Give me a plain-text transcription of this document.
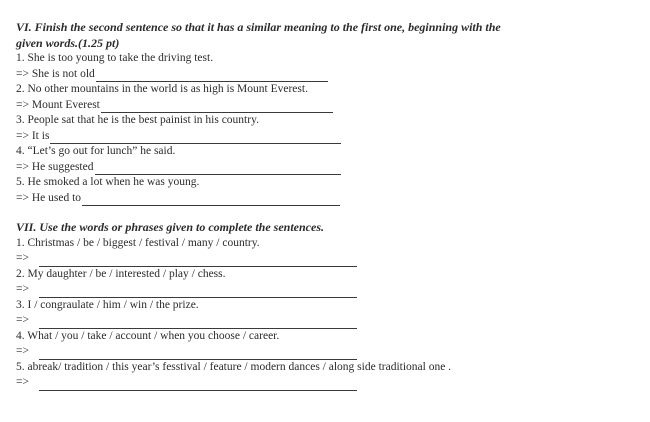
VI. Finish the second sentence so that it has a similar meaning to the first one, beginning with the
given words.(1.25 pt)
1. She is too young to take the driving test.
=> She is not old
2. No other mountains in the world is as high is Mount Everest.
=> Mount Everest
3. People sat that he is the best painist in his country.
=> It is
4. “Let’s go out for lunch” he said.
=> He suggested
5. He smoked a lot when he was young.
=> He used to
VII. Use the words or phrases given to complete the sentences.
1. Christmas / be / biggest / festival / many / country.
=>
2. My daughter / be / interested / play / chess.
=>
3. I / congraulate / him / win / the prize.
=>
4. What / you / take / account / when you choose / career.
=>
5. abreak/ tradition / this year’s fesstival / feature / modern dances / along side traditional one .
=>
